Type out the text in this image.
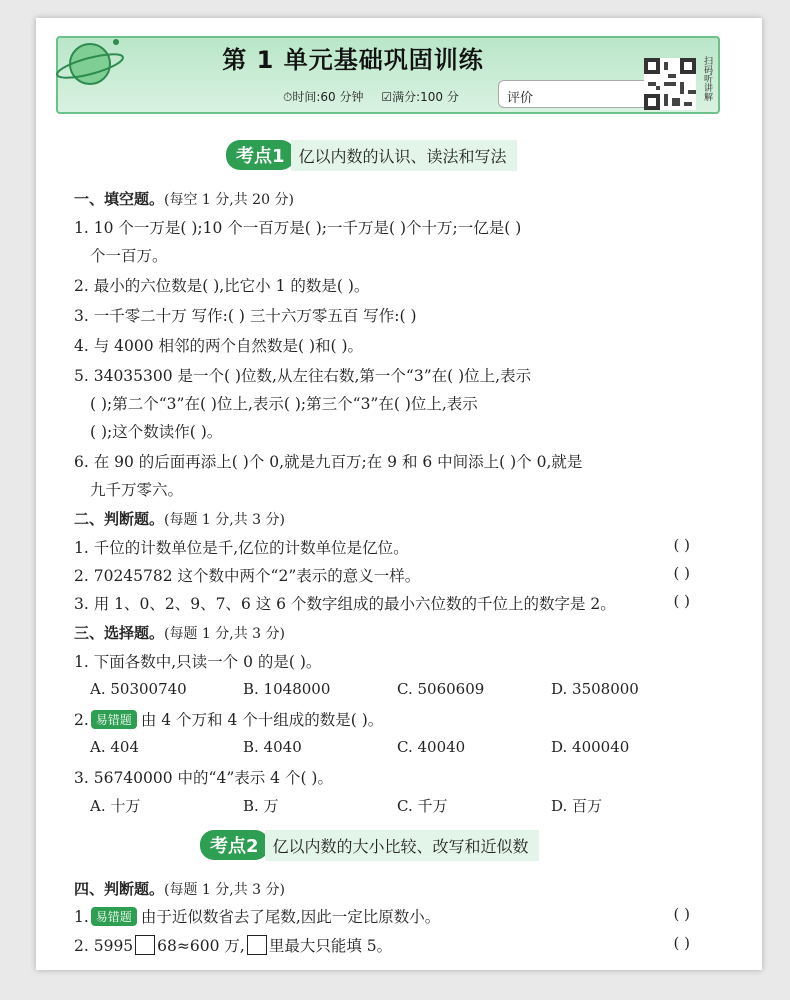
第 1 单元基础巩固训练
⏱时间:60 分钟 ☑满分:100 分	评价	扫码听讲解
考点1 亿以内数的认识、读法和写法
一、填空题。(每空 1 分,共 20 分)
1. 10 个一万是( );10 个一百万是( );一千万是( )个十万;一亿是( )
个一百万。
2. 最小的六位数是( ),比它小 1 的数是( )。
3. 一千零二十万 写作:( ) 三十六万零五百 写作:( )
4. 与 4000 相邻的两个自然数是( )和( )。
5. 34035300 是一个( )位数,从左往右数,第一个“3”在( )位上,表示
( );第二个“3”在( )位上,表示( );第三个“3”在( )位上,表示
( );这个数读作( )。
6. 在 90 的后面再添上( )个 0,就是九百万;在 9 和 6 中间添上( )个 0,就是
九千万零六。
二、判断题。(每题 1 分,共 3 分)
1. 千位的计数单位是千,亿位的计数单位是亿位。	( )
2. 70245782 这个数中两个“2”表示的意义一样。	( )
3. 用 1、0、2、9、7、6 这 6 个数字组成的最小六位数的千位上的数字是 2。	( )
三、选择题。(每题 1 分,共 3 分)
1. 下面各数中,只读一个 0 的是( )。
A. 50300740	B. 1048000	C. 5060609	D. 3508000
2. 易错题 由 4 个万和 4 个十组成的数是( )。
A. 404	B. 4040	C. 40040	D. 400040
3. 56740000 中的“4”表示 4 个( )。
A. 十万	B. 万	C. 千万	D. 百万
考点2 亿以内数的大小比较、改写和近似数
四、判断题。(每题 1 分,共 3 分)
1. 易错题 由于近似数省去了尾数,因此一定比原数小。	( )
2. 5995 68≈600 万, 里最大只能填 5。	( )
